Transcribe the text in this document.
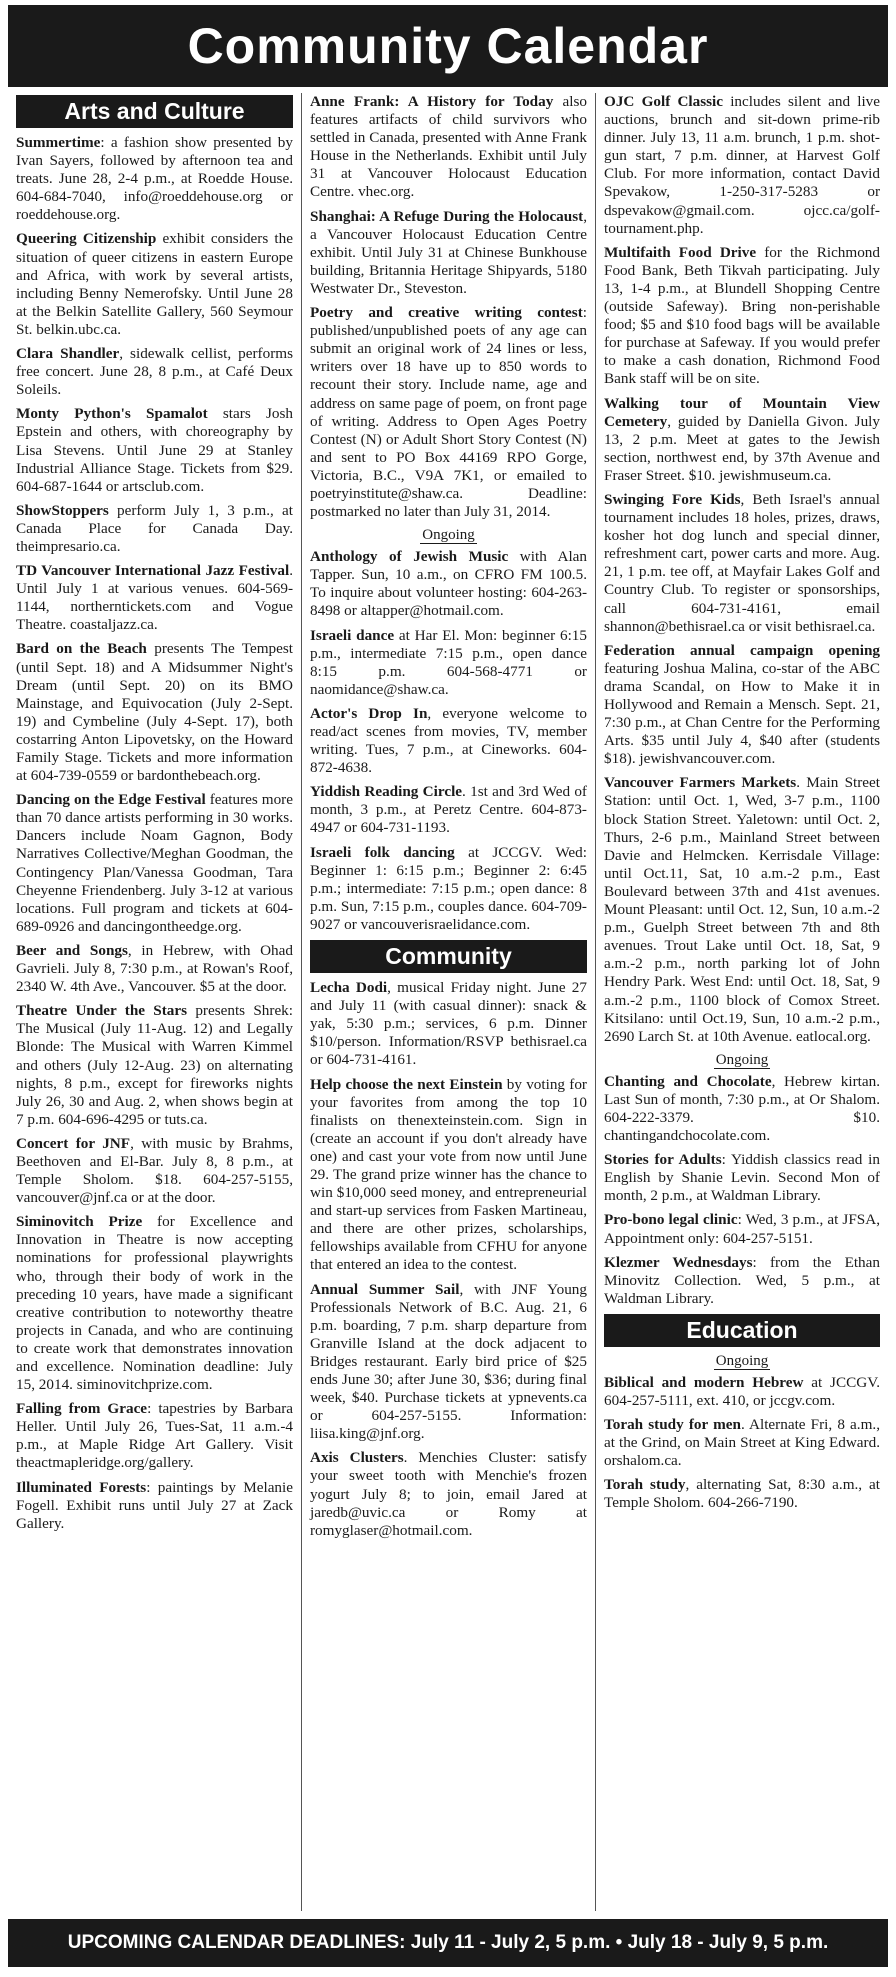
Community Calendar
Arts and Culture

Summertime: a fashion show presented by Ivan Sayers, followed by afternoon tea and treats. June 28, 2-4 p.m., at Roedde House. 604-684-7040, info@roeddehouse.org or roeddehouse.org.

Queering Citizenship exhibit considers the situation of queer citizens in eastern Europe and Africa, with work by several artists, including Benny Nemerofsky. Until June 28 at the Belkin Satellite Gallery, 560 Seymour St. belkin.ubc.ca.

Clara Shandler, sidewalk cellist, performs free concert. June 28, 8 p.m., at Café Deux Soleils.

Monty Python's Spamalot stars Josh Epstein and others, with choreography by Lisa Stevens. Until June 29 at Stanley Industrial Alliance Stage. Tickets from $29. 604-687-1644 or artsclub.com.

ShowStoppers perform July 1, 3 p.m., at Canada Place for Canada Day. theimpresario.ca.

TD Vancouver International Jazz Festival. Until July 1 at various venues. 604-569-1144, northerntickets.com and Vogue Theatre. coastaljazz.ca.

Bard on the Beach presents The Tempest (until Sept. 18) and A Midsummer Night's Dream (until Sept. 20) on its BMO Mainstage, and Equivocation (July 2-Sept. 19) and Cymbeline (July 4-Sept. 17), both costarring Anton Lipovetsky, on the Howard Family Stage. Tickets and more information at 604-739-0559 or bardonthebeach.org.

Dancing on the Edge Festival features more than 70 dance artists performing in 30 works. Dancers include Noam Gagnon, Body Narratives Collective/Meghan Goodman, the Contingency Plan/Vanessa Goodman, Tara Cheyenne Friendenberg. July 3-12 at various locations. Full program and tickets at 604-689-0926 and dancingontheedge.org.

Beer and Songs, in Hebrew, with Ohad Gavrieli. July 8, 7:30 p.m., at Rowan's Roof, 2340 W. 4th Ave., Vancouver. $5 at the door.

Theatre Under the Stars presents Shrek: The Musical (July 11-Aug. 12) and Legally Blonde: The Musical with Warren Kimmel and others (July 12-Aug. 23) on alternating nights, 8 p.m., except for fireworks nights July 26, 30 and Aug. 2, when shows begin at 7 p.m. 604-696-4295 or tuts.ca.

Concert for JNF, with music by Brahms, Beethoven and El-Bar. July 8, 8 p.m., at Temple Sholom. $18. 604-257-5155, vancouver@jnf.ca or at the door.

Siminovitch Prize for Excellence and Innovation in Theatre is now accepting nominations for professional playwrights who, through their body of work in the preceding 10 years, have made a significant creative contribution to noteworthy theatre projects in Canada, and who are continuing to create work that demonstrates innovation and excellence. Nomination deadline: July 15, 2014. siminovitchprize.com.

Falling from Grace: tapestries by Barbara Heller. Until July 26, Tues-Sat, 11 a.m.-4 p.m., at Maple Ridge Art Gallery. Visit theactmapleridge.org/gallery.

Illuminated Forests: paintings by Melanie Fogell. Exhibit runs until July 27 at Zack Gallery.

Anne Frank: A History for Today also features artifacts of child survivors who settled in Canada, presented with Anne Frank House in the Netherlands. Exhibit until July 31 at Vancouver Holocaust Education Centre. vhec.org.

Shanghai: A Refuge During the Holocaust, a Vancouver Holocaust Education Centre exhibit. Until July 31 at Chinese Bunkhouse building, Britannia Heritage Shipyards, 5180 Westwater Dr., Steveston.

Poetry and creative writing contest: published/unpublished poets of any age can submit an original work of 24 lines or less, writers over 18 have up to 850 words to recount their story. Include name, age and address on same page of poem, on front page of writing. Address to Open Ages Poetry Contest (N) or Adult Short Story Contest (N) and sent to PO Box 44169 RPO Gorge, Victoria, B.C., V9A 7K1, or emailed to poetryinstitute@shaw.ca. Deadline: postmarked no later than July 31, 2014.

Ongoing

Anthology of Jewish Music with Alan Tapper. Sun, 10 a.m., on CFRO FM 100.5. To inquire about volunteer hosting: 604-263-8498 or altapper@hotmail.com.

Israeli dance at Har El. Mon: beginner 6:15 p.m., intermediate 7:15 p.m., open dance 8:15 p.m. 604-568-4771 or naomidance@shaw.ca.

Actor's Drop In, everyone welcome to read/act scenes from movies, TV, member writing. Tues, 7 p.m., at Cineworks. 604-872-4638.

Yiddish Reading Circle. 1st and 3rd Wed of month, 3 p.m., at Peretz Centre. 604-873-4947 or 604-731-1193.

Israeli folk dancing at JCCGV. Wed: Beginner 1: 6:15 p.m.; Beginner 2: 6:45 p.m.; intermediate: 7:15 p.m.; open dance: 8 p.m. Sun, 7:15 p.m., couples dance. 604-709-9027 or vancouverisraelidance.com.

Community

Lecha Dodi, musical Friday night. June 27 and July 11 (with casual dinner): snack & yak, 5:30 p.m.; services, 6 p.m. Dinner $10/person. Information/RSVP bethisrael.ca or 604-731-4161.

Help choose the next Einstein by voting for your favorites from among the top 10 finalists on thenexteinstein.com. Sign in (create an account if you don't already have one) and cast your vote from now until June 29. The grand prize winner has the chance to win $10,000 seed money, and entrepreneurial and start-up services from Fasken Martineau, and there are other prizes, scholarships, fellowships available from CFHU for anyone that entered an idea to the contest.

Annual Summer Sail, with JNF Young Professionals Network of B.C. Aug. 21, 6 p.m. boarding, 7 p.m. sharp departure from Granville Island at the dock adjacent to Bridges restaurant. Early bird price of $25 ends June 30; after June 30, $36; during final week, $40. Purchase tickets at ypnevents.ca or 604-257-5155. Information: liisa.king@jnf.org.

Axis Clusters. Menchies Cluster: satisfy your sweet tooth with Menchie's frozen yogurt July 8; to join, email Jared at jaredb@uvic.ca or Romy at romyglaser@hotmail.com.

OJC Golf Classic includes silent and live auctions, brunch and sit-down prime-rib dinner. July 13, 11 a.m. brunch, 1 p.m. shot-gun start, 7 p.m. dinner, at Harvest Golf Club. For more information, contact David Spevakow, 1-250-317-5283 or dspevakow@gmail.com. ojcc.ca/golf-tournament.php.

Multifaith Food Drive for the Richmond Food Bank, Beth Tikvah participating. July 13, 1-4 p.m., at Blundell Shopping Centre (outside Safeway). Bring non-perishable food; $5 and $10 food bags will be available for purchase at Safeway. If you would prefer to make a cash donation, Richmond Food Bank staff will be on site.

Walking tour of Mountain View Cemetery, guided by Daniella Givon. July 13, 2 p.m. Meet at gates to the Jewish section, northwest end, by 37th Avenue and Fraser Street. $10. jewishmuseum.ca.

Swinging Fore Kids, Beth Israel's annual tournament includes 18 holes, prizes, draws, kosher hot dog lunch and special dinner, refreshment cart, power carts and more. Aug. 21, 1 p.m. tee off, at Mayfair Lakes Golf and Country Club. To register or sponsorships, call 604-731-4161, email shannon@bethisrael.ca or visit bethisrael.ca.

Federation annual campaign opening featuring Joshua Malina, co-star of the ABC drama Scandal, on How to Make it in Hollywood and Remain a Mensch. Sept. 21, 7:30 p.m., at Chan Centre for the Performing Arts. $35 until July 4, $40 after (students $18). jewishvancouver.com.

Vancouver Farmers Markets. Main Street Station: until Oct. 1, Wed, 3-7 p.m., 1100 block Station Street. Yaletown: until Oct. 2, Thurs, 2-6 p.m., Mainland Street between Davie and Helmcken. Kerrisdale Village: until Oct.11, Sat, 10 a.m.-2 p.m., East Boulevard between 37th and 41st avenues. Mount Pleasant: until Oct. 12, Sun, 10 a.m.-2 p.m., Guelph Street between 7th and 8th avenues. Trout Lake until Oct. 18, Sat, 9 a.m.-2 p.m., north parking lot of John Hendry Park. West End: until Oct. 18, Sat, 9 a.m.-2 p.m., 1100 block of Comox Street. Kitsilano: until Oct.19, Sun, 10 a.m.-2 p.m., 2690 Larch St. at 10th Avenue. eatlocal.org.

Ongoing

Chanting and Chocolate, Hebrew kirtan. Last Sun of month, 7:30 p.m., at Or Shalom. 604-222-3379. $10. chantingandchocolate.com.

Stories for Adults: Yiddish classics read in English by Shanie Levin. Second Mon of month, 2 p.m., at Waldman Library.

Pro-bono legal clinic: Wed, 3 p.m., at JFSA, Appointment only: 604-257-5151.

Klezmer Wednesdays: from the Ethan Minovitz Collection. Wed, 5 p.m., at Waldman Library.

Education
Ongoing

Biblical and modern Hebrew at JCCGV. 604-257-5111, ext. 410, or jccgv.com.

Torah study for men. Alternate Fri, 8 a.m., at the Grind, on Main Street at King Edward. orshalom.ca.

Torah study, alternating Sat, 8:30 a.m., at Temple Sholom. 604-266-7190.

UPCOMING CALENDAR DEADLINES: July 11 - July 2, 5 p.m. • July 18 - July 9, 5 p.m.
